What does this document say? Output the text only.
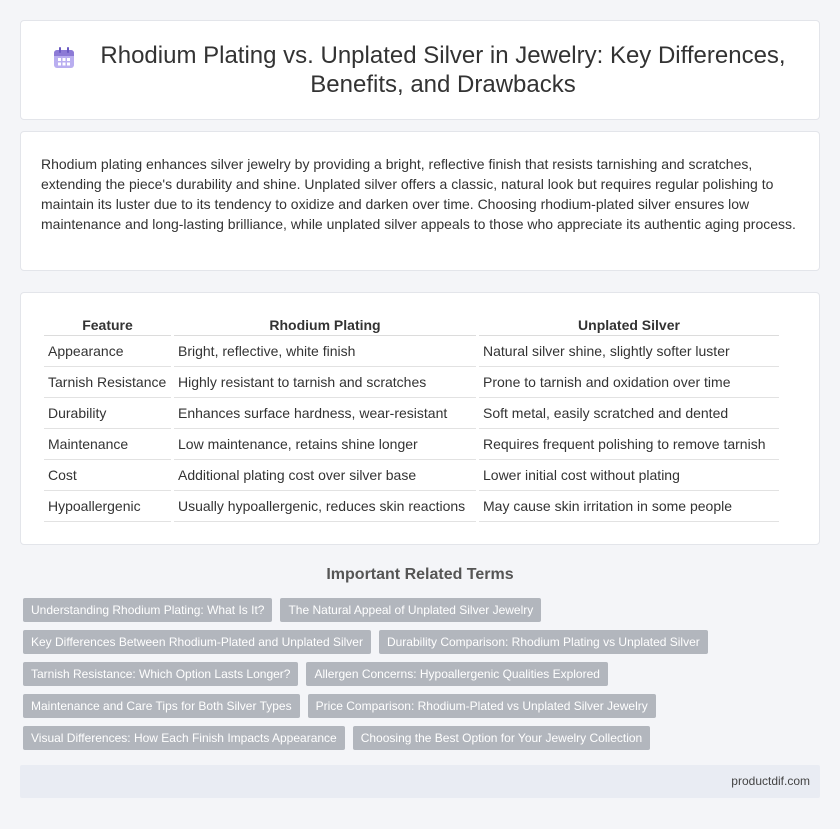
Rhodium Plating vs. Unplated Silver in Jewelry: Key Differences, Benefits, and Drawbacks

Rhodium plating enhances silver jewelry by providing a bright, reflective finish that resists tarnishing and scratches, extending the piece's durability and shine. Unplated silver offers a classic, natural look but requires regular polishing to maintain its luster due to its tendency to oxidize and darken over time. Choosing rhodium-plated silver ensures low maintenance and long-lasting brilliance, while unplated silver appeals to those who appreciate its authentic aging process.

Feature	Rhodium Plating	Unplated Silver
Appearance	Bright, reflective, white finish	Natural silver shine, slightly softer luster
Tarnish Resistance	Highly resistant to tarnish and scratches	Prone to tarnish and oxidation over time
Durability	Enhances surface hardness, wear-resistant	Soft metal, easily scratched and dented
Maintenance	Low maintenance, retains shine longer	Requires frequent polishing to remove tarnish
Cost	Additional plating cost over silver base	Lower initial cost without plating
Hypoallergenic	Usually hypoallergenic, reduces skin reactions	May cause skin irritation in some people
Important Related Terms
Understanding Rhodium Plating: What Is It?	The Natural Appeal of Unplated Silver Jewelry
Key Differences Between Rhodium-Plated and Unplated Silver	Durability Comparison: Rhodium Plating vs Unplated Silver
Tarnish Resistance: Which Option Lasts Longer?	Allergen Concerns: Hypoallergenic Qualities Explored
Maintenance and Care Tips for Both Silver Types	Price Comparison: Rhodium-Plated vs Unplated Silver Jewelry
Visual Differences: How Each Finish Impacts Appearance	Choosing the Best Option for Your Jewelry Collection
productdif.com
